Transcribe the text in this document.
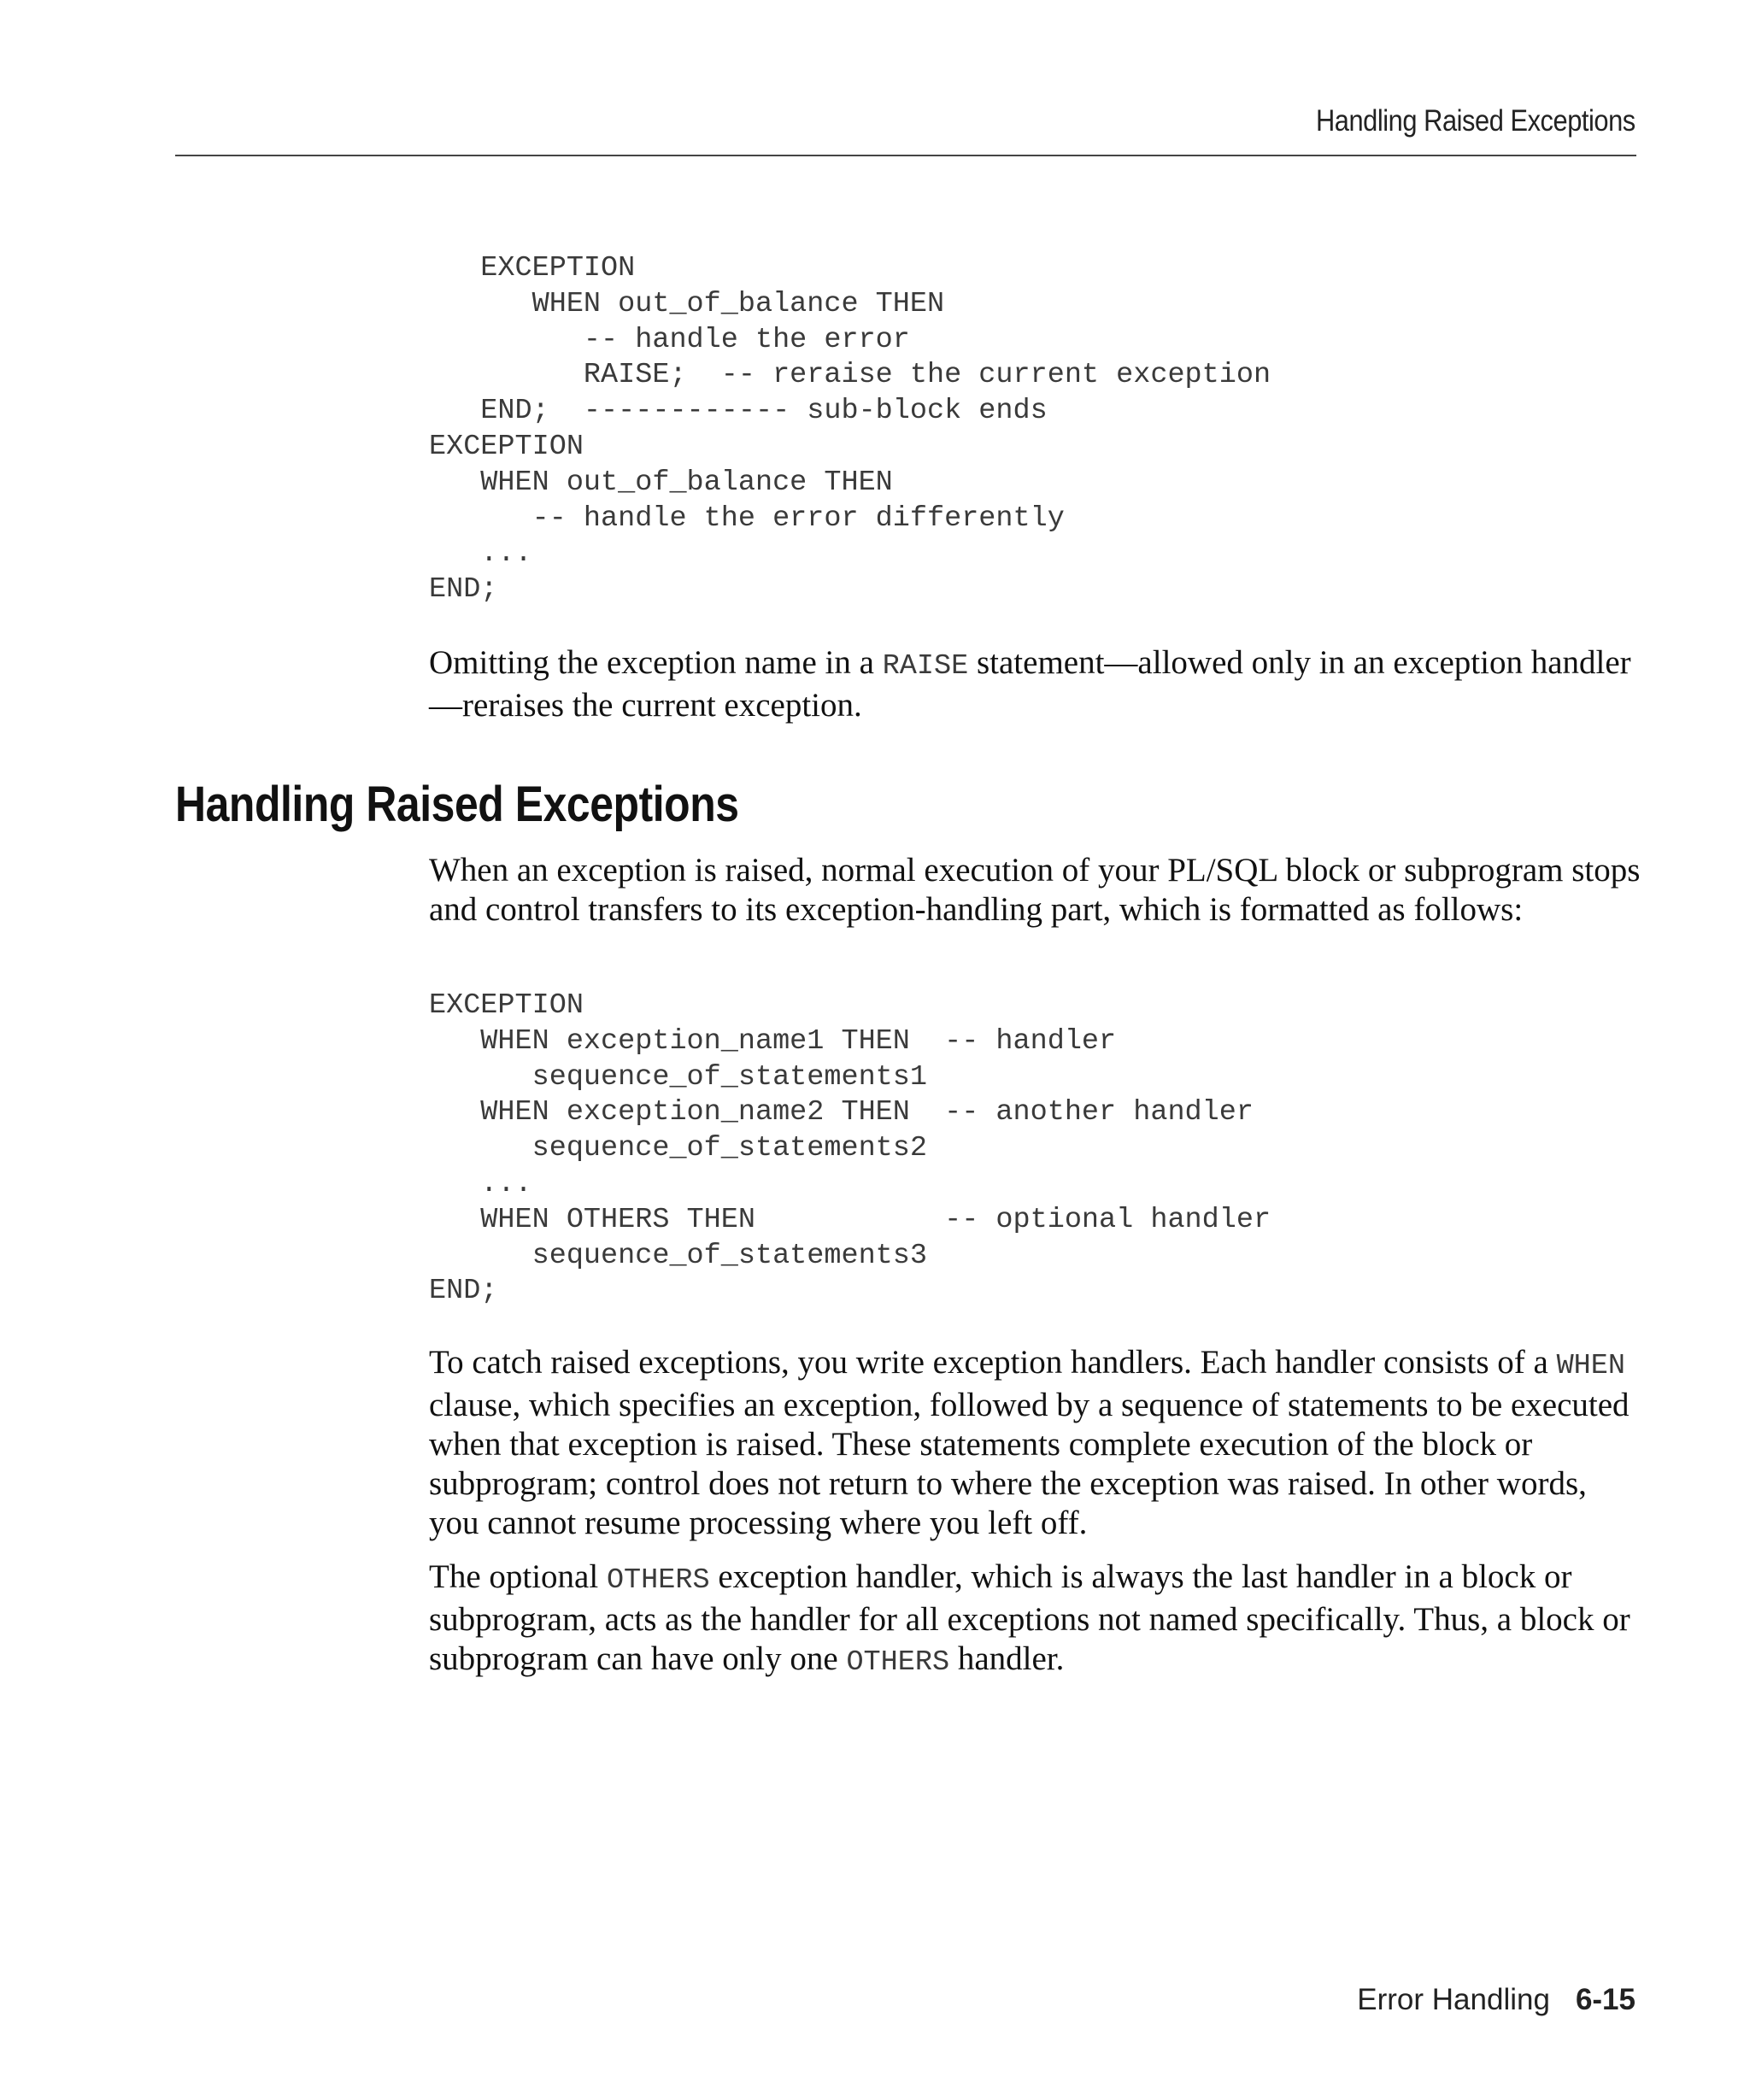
Handling Raised Exceptions
EXCEPTION
WHEN out_of_balance THEN
-- handle the error
RAISE;  -- reraise the current exception
END;  ------------ sub-block ends
EXCEPTION
WHEN out_of_balance THEN
-- handle the error differently
...
END;

Omitting the exception name in a RAISE statement—allowed only in an exception handler—reraises the current exception.

Handling Raised Exceptions

When an exception is raised, normal execution of your PL/SQL block or subprogram stops and control transfers to its exception-handling part, which is formatted as follows:

EXCEPTION
WHEN exception_name1 THEN  -- handler
sequence_of_statements1
WHEN exception_name2 THEN  -- another handler
sequence_of_statements2
...
WHEN OTHERS THEN           -- optional handler
sequence_of_statements3
END;

To catch raised exceptions, you write exception handlers. Each handler consists of a WHEN clause, which specifies an exception, followed by a sequence of statements to be executed when that exception is raised. These statements complete execution of the block or subprogram; control does not return to where the exception was raised. In other words, you cannot resume processing where you left off.

The optional OTHERS exception handler, which is always the last handler in a block or subprogram, acts as the handler for all exceptions not named specifically. Thus, a block or subprogram can have only one OTHERS handler.

Error Handling 6-15
